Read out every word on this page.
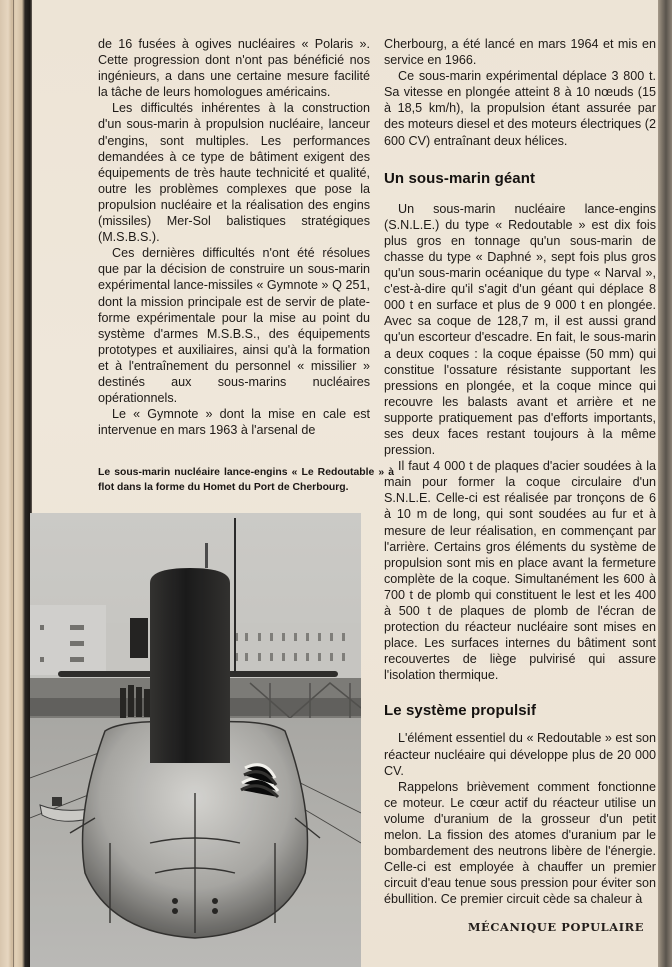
de 16 fusées à ogives nucléaires « Polaris ». Cette progression dont n'ont pas bénéficié nos ingénieurs, a dans une certaine mesure facilité la tâche de leurs homologues américains.

Les difficultés inhérentes à la construction d'un sous-marin à propulsion nucléaire, lanceur d'engins, sont multiples. Les performances demandées à ce type de bâtiment exigent des équipements de très haute technicité et qualité, outre les problèmes complexes que pose la propulsion nucléaire et la réalisation des engins (missiles) Mer-Sol balistiques stratégiques (M.S.B.S.).

Ces dernières difficultés n'ont été résolues que par la décision de construire un sous-marin expérimental lance-missiles « Gymnote » Q 251, dont la mission principale est de servir de plate-forme expérimentale pour la mise au point du système d'armes M.S.B.S., des équipements prototypes et auxiliaires, ainsi qu'à la formation et à l'entraînement du personnel « missilier » destinés aux sous-marins nucléaires opérationnels.

Le « Gymnote » dont la mise en cale est intervenue en mars 1963 à l'arsenal de

Le sous-marin nucléaire lance-engins « Le Redoutable » à flot dans la forme du Homet du Port de Cherbourg.

Cherbourg, a été lancé en mars 1964 et mis en service en 1966.

Ce sous-marin expérimental déplace 3 800 t. Sa vitesse en plongée atteint 8 à 10 nœuds (15 à 18,5 km/h), la propulsion étant assurée par des moteurs diesel et des moteurs électriques (2 600 CV) entraînant deux hélices.

Un sous-marin géant

Un sous-marin nucléaire lance-engins (S.N.L.E.) du type « Redoutable » est dix fois plus gros en tonnage qu'un sous-marin de chasse du type « Daphné », sept fois plus gros qu'un sous-marin océanique du type « Narval », c'est-à-dire qu'il s'agit d'un géant qui déplace 8 000 t en surface et plus de 9 000 t en plongée. Avec sa coque de 128,7 m, il est aussi grand qu'un escorteur d'escadre. En fait, le sous-marin a deux coques : la coque épaisse (50 mm) qui constitue l'ossature résistante supportant les pressions en plongée, et la coque mince qui recouvre les balasts avant et arrière et ne supporte pratiquement pas d'efforts importants, ses deux faces restant toujours à la même pression.

Il faut 4 000 t de plaques d'acier soudées à la main pour former la coque circulaire d'un S.N.L.E. Celle-ci est réalisée par tronçons de 6 à 10 m de long, qui sont soudées au fur et à mesure de leur réalisation, en commençant par l'arrière. Certains gros éléments du système de propulsion sont mis en place avant la fermeture complète de la coque. Simultanément les 600 à 700 t de plomb qui constituent le lest et les 400 à 500 t de plaques de plomb de l'écran de protection du réacteur nucléaire sont mises en place. Les surfaces internes du bâtiment sont recouvertes de liège pulvirisé qui assure l'isolation thermique.

Le système propulsif

L'élément essentiel du « Redoutable » est son réacteur nucléaire qui développe plus de 20 000 CV.

Rappelons brièvement comment fonctionne ce moteur. Le cœur actif du réacteur utilise un volume d'uranium de la grosseur d'un petit melon. La fission des atomes d'uranium par le bombardement des neutrons libère de l'énergie. Celle-ci est employée à chauffer un premier circuit d'eau tenue sous pression pour éviter son ébullition. Ce premier circuit cède sa chaleur à

MÉCANIQUE POPULAIRE
